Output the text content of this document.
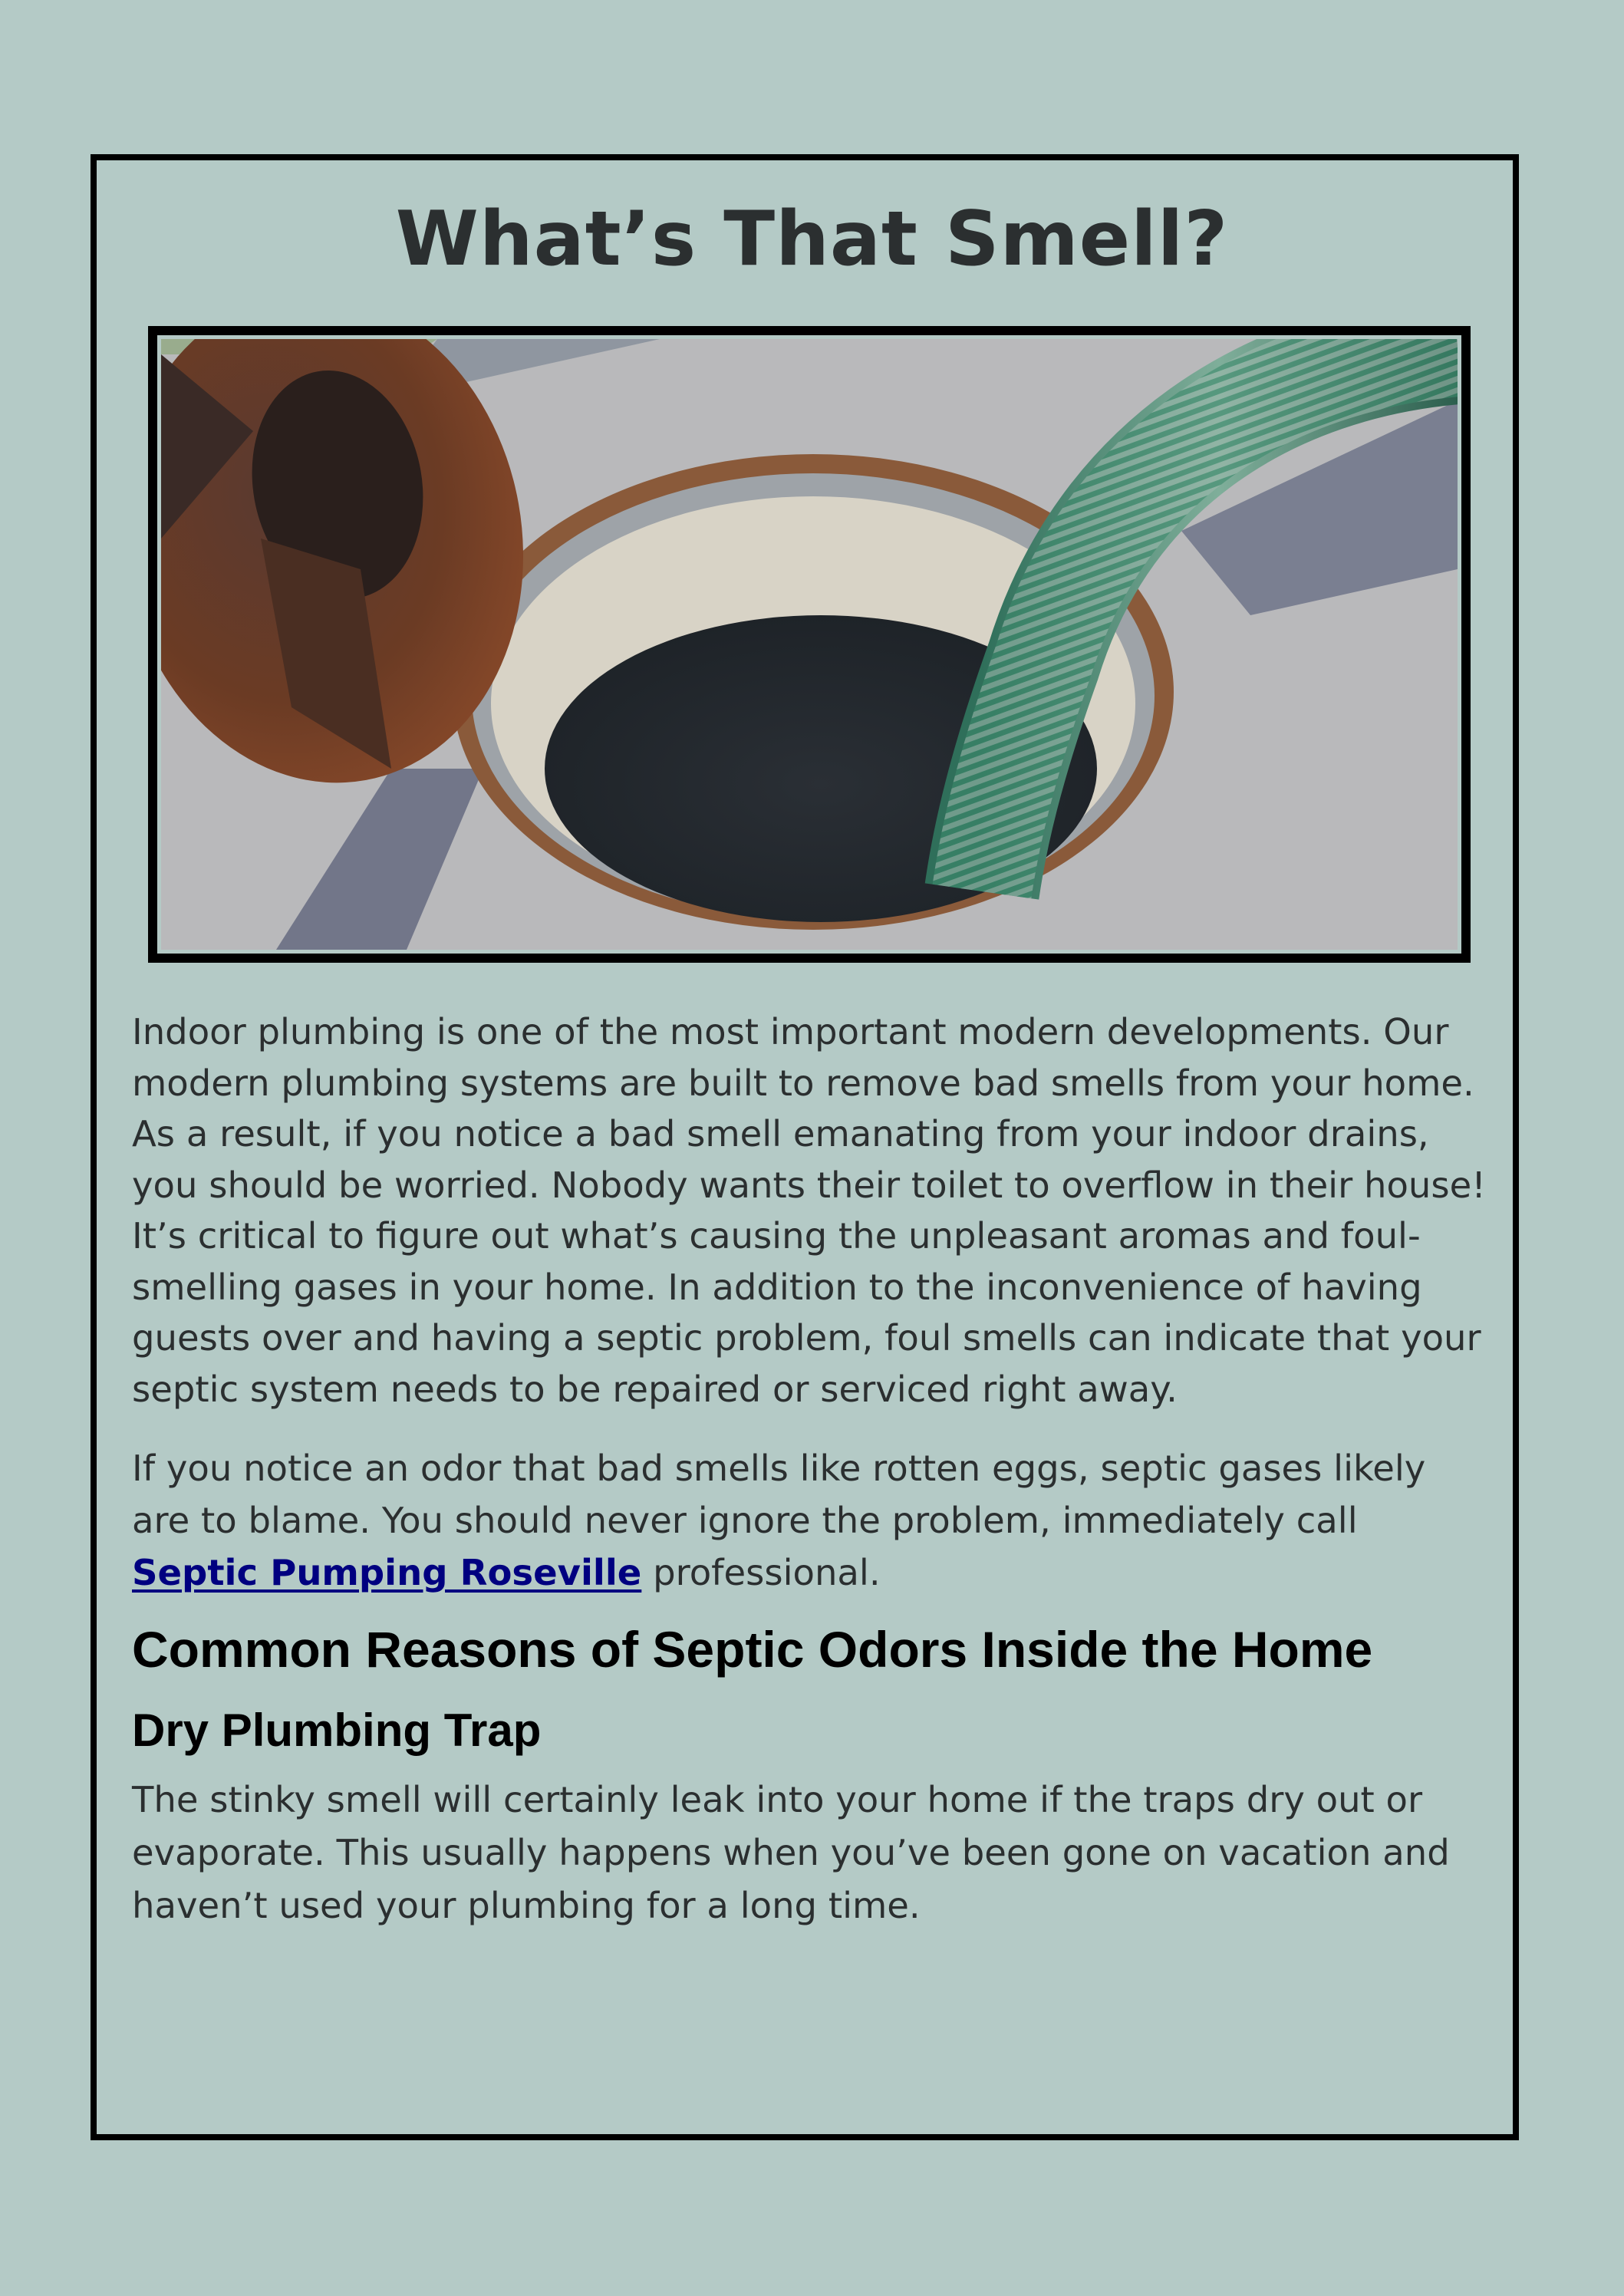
What’s That Smell?

Indoor plumbing is one of the most important modern developments. Our modern plumbing systems are built to remove bad smells from your home. As a result, if you notice a bad smell emanating from your indoor drains, you should be worried. Nobody wants their toilet to overflow in their house! It’s critical to figure out what’s causing the unpleasant aromas and foul-smelling gases in your home. In addition to the inconvenience of having guests over and having a septic problem, foul smells can indicate that your septic system needs to be repaired or serviced right away.

If you notice an odor that bad smells like rotten eggs, septic gases likely are to blame. You should never ignore the problem, immediately call Septic Pumping Roseville professional.

Common Reasons of Septic Odors Inside the Home
Dry Plumbing Trap

The stinky smell will certainly leak into your home if the traps dry out or evaporate. This usually happens when you’ve been gone on vacation and haven’t used your plumbing for a long time.
